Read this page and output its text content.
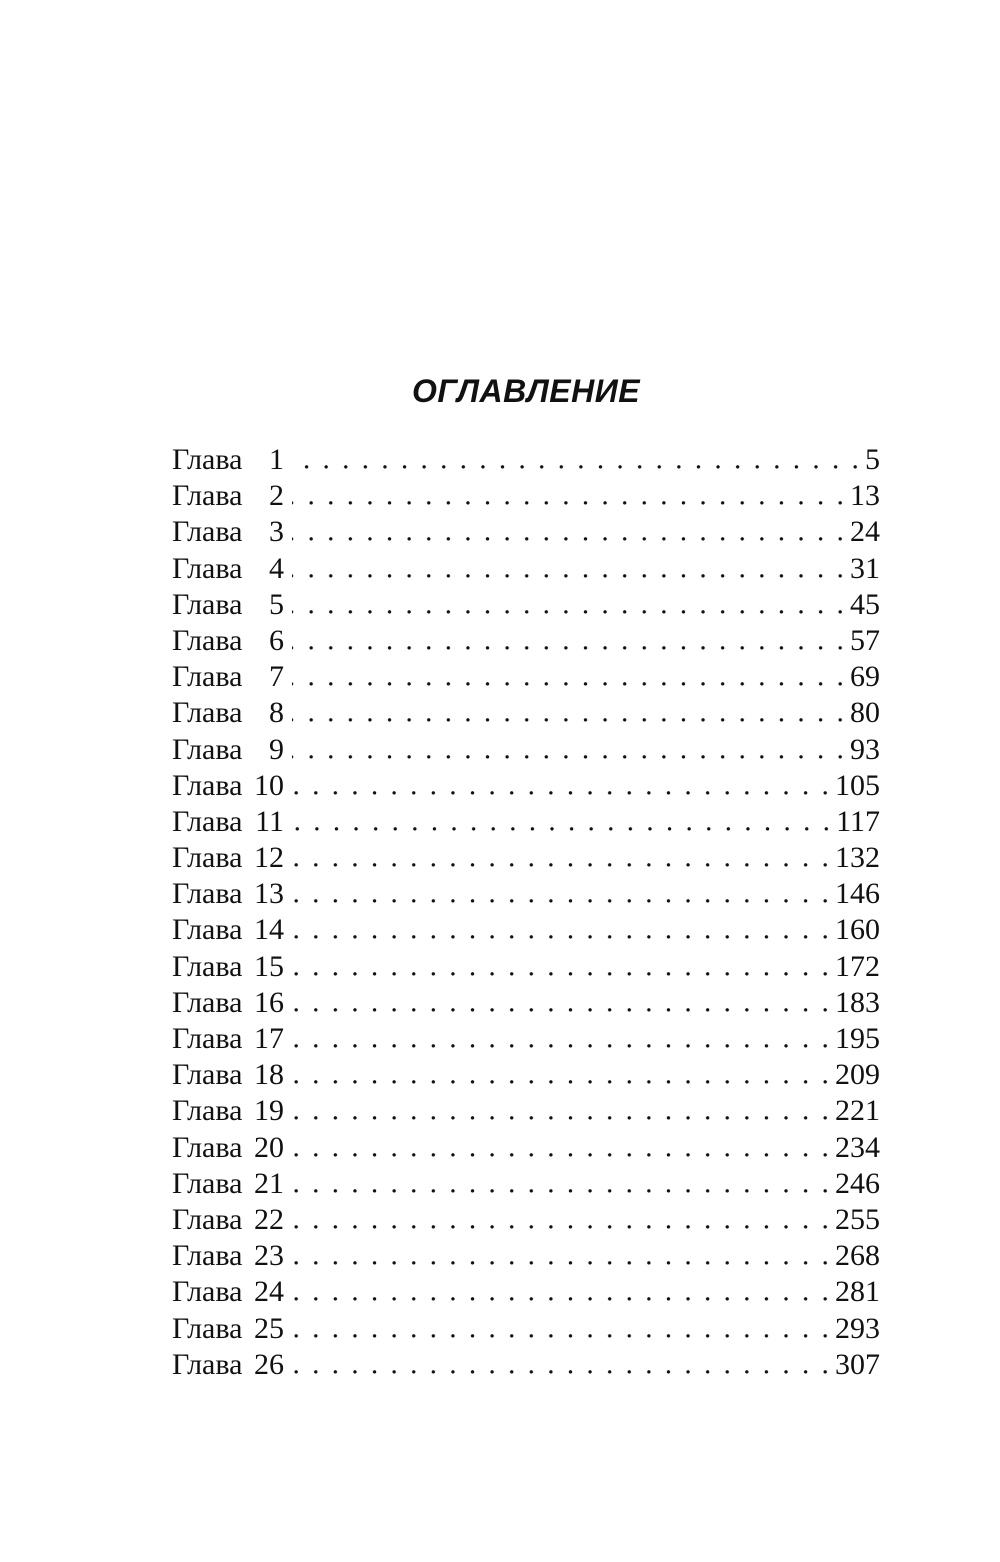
ОГЛАВЛЕНИЕ
Глава 1	5
Глава 2	13
Глава 3	24
Глава 4	31
Глава 5	45
Глава 6	57
Глава 7	69
Глава 8	80
Глава 9	93
Глава 10	105
Глава 11	117
Глава 12	132
Глава 13	146
Глава 14	160
Глава 15	172
Глава 16	183
Глава 17	195
Глава 18	209
Глава 19	221
Глава 20	234
Глава 21	246
Глава 22	255
Глава 23	268
Глава 24	281
Глава 25	293
Глава 26	307
